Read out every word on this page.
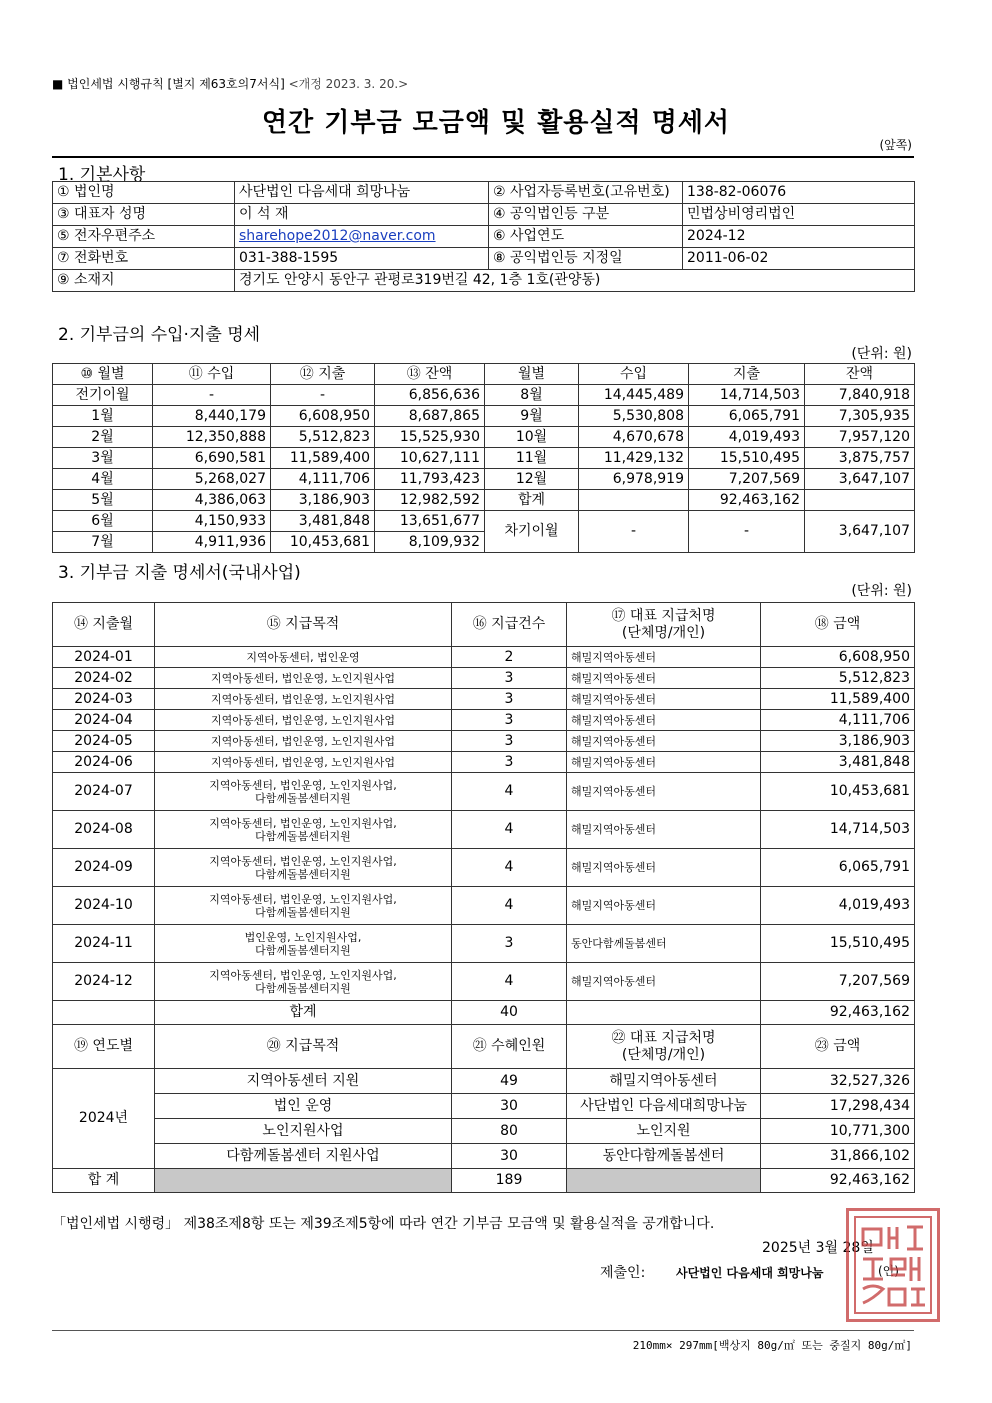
■ 법인세법 시행규칙 [별지 제63호의7서식] <개정 2023. 3. 20.>
연간 기부금 모금액 및 활용실적 명세서
(앞쪽)
1. 기본사항
① 법인명	사단법인 다음세대 희망나눔	② 사업자등록번호(고유번호)	138-82-06076
③ 대표자 성명	이 석 재	④ 공익법인등 구분	민법상비영리법인
⑤ 전자우편주소	sharehope2012@naver.com	⑥ 사업연도	2024-12
⑦ 전화번호	031-388-1595	⑧ 공익법인등 지정일	2011-06-02
⑨ 소재지	경기도 안양시 동안구 관평로319번길 42, 1층 1호(관양동)		
2. 기부금의 수입·지출 명세
(단위: 원)
⑩ 월별	⑪ 수입	⑫ 지출	⑬ 잔액	월별	수입	지출	잔액
전기이월	-	-	6,856,636	8월	14,445,489	14,714,503	7,840,918
1월	8,440,179	6,608,950	8,687,865	9월	5,530,808	6,065,791	7,305,935
2월	12,350,888	5,512,823	15,525,930	10월	4,670,678	4,019,493	7,957,120
3월	6,690,581	11,589,400	10,627,111	11월	11,429,132	15,510,495	3,875,757
4월	5,268,027	4,111,706	11,793,423	12월	6,978,919	7,207,569	3,647,107
5월	4,386,063	3,186,903	12,982,592	합계		92,463,162	
6월	4,150,933	3,481,848	13,651,677	차기이월	-	-	3,647,107
7월	4,911,936	10,453,681	8,109,932				
3. 기부금 지출 명세서(국내사업)
(단위: 원)
⑭ 지출월	⑮ 지급목적	⑯ 지급건수	⑰ 대표 지급처명
(단체명/개인)	⑱ 금액
2024-01	지역아동센터, 법인운영	2	해밀지역아동센터	6,608,950
2024-02	지역아동센터, 법인운영, 노인지원사업	3	해밀지역아동센터	5,512,823
2024-03	지역아동센터, 법인운영, 노인지원사업	3	해밀지역아동센터	11,589,400
2024-04	지역아동센터, 법인운영, 노인지원사업	3	해밀지역아동센터	4,111,706
2024-05	지역아동센터, 법인운영, 노인지원사업	3	해밀지역아동센터	3,186,903
2024-06	지역아동센터, 법인운영, 노인지원사업	3	해밀지역아동센터	3,481,848
2024-07	지역아동센터, 법인운영, 노인지원사업,
다함께돌봄센터지원	4	해밀지역아동센터	10,453,681
2024-08	지역아동센터, 법인운영, 노인지원사업,
다함께돌봄센터지원	4	해밀지역아동센터	14,714,503
2024-09	지역아동센터, 법인운영, 노인지원사업,
다함께돌봄센터지원	4	해밀지역아동센터	6,065,791
2024-10	지역아동센터, 법인운영, 노인지원사업,
다함께돌봄센터지원	4	해밀지역아동센터	4,019,493
2024-11	법인운영, 노인지원사업,
다함께돌봄센터지원	3	동안다함께돌봄센터	15,510,495
2024-12	지역아동센터, 법인운영, 노인지원사업,
다함께돌봄센터지원	4	해밀지역아동센터	7,207,569
	합계	40		92,463,162
⑲ 연도별	⑳ 지급목적	㉑ 수혜인원	㉒ 대표 지급처명
(단체명/개인)	㉓ 금액
2024년	지역아동센터 지원	49	해밀지역아동센터	32,527,326
	법인 운영	30	사단법인 다음세대희망나눔	17,298,434
	노인지원사업	80	노인지원	10,771,300
	다함께돌봄센터 지원사업	30	동안다함께돌봄센터	31,866,102
합 계		189		92,463,162
「법인세법 시행령」 제38조제8항 또는 제39조제5항에 따라 연간 기부금 모금액 및 활용실적을 공개합니다.
2025년 3월 28일
제출인:	사단법인 다음세대 희망나눔	(인)
210mm× 297mm[백상지 80g/㎡ 또는 중질지 80g/㎡]
